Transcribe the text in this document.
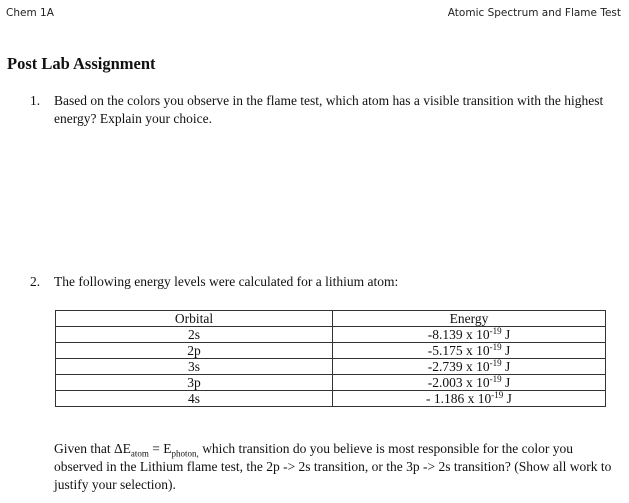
Chem 1A	Atomic Spectrum and Flame Test
Post Lab Assignment
1. Based on the colors you observe in the flame test, which atom has a visible transition with the highest energy? Explain your choice.
2. The following energy levels were calculated for a lithium atom:
Orbital	Energy
2s	-8.139 x $10^{-19}$ J
2p	-5.175 x $10^{-19}$ J
3s	-2.739 x $10^{-19}$ J
3p	-2.003 x $10^{-19}$ J
4s	- 1.186 x $10^{-19}$ J
Given that $\Delta E_{atom} = E_{photon,}$ which transition do you believe is most responsible for the color you observed in the Lithium flame test, the 2p -> 2s transition, or the 3p -> 2s transition? (Show all work to justify your selection).
